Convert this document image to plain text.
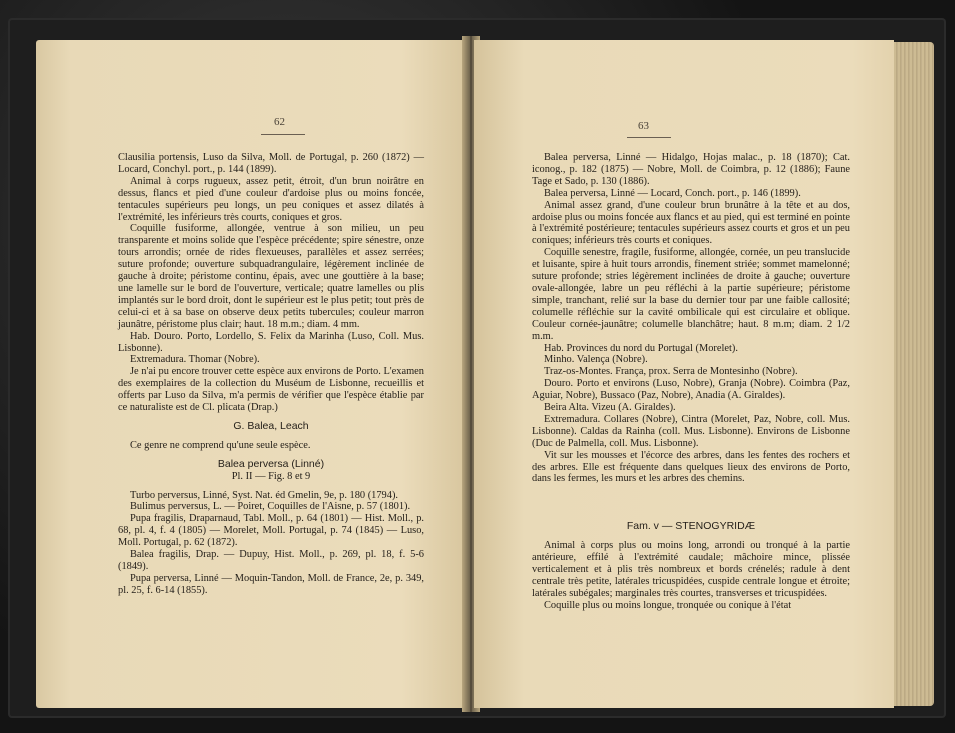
62

Clausilia portensis, Luso da Silva, Moll. de Portugal, p. 260 (1872) — Locard, Conchyl. port., p. 144 (1899).

Animal à corps rugueux, assez petit, étroit, d'un brun noirâtre en dessus, flancs et pied d'une couleur d'ardoise plus ou moins foncée, tentacules supérieurs peu longs, un peu coniques et assez dilatés à l'extrémité, les inférieurs très courts, coniques et gros.

Coquille fusiforme, allongée, ventrue à son milieu, un peu transparente et moins solide que l'espèce précédente; spire sénestre, onze tours arrondis; ornée de rides flexueuses, parallèles et assez serrées; suture profonde; ouverture subquadrangulaire, légèrement inclinée de gauche à droite; péristome continu, épais, avec une gouttière à la base; une lamelle sur le bord de l'ouverture, verticale; quatre lamelles ou plis implantés sur le bord droit, dont le supérieur est le plus petit; tout près de celui-ci et à sa base on observe deux petits tubercules; couleur marron jaunâtre, péristome plus clair; haut. 18 m.m.; diam. 4 mm.

Hab. Douro. Porto, Lordello, S. Felix da Marinha (Luso, Coll. Mus. Lisbonne).

Extremadura. Thomar (Nobre).

Je n'ai pu encore trouver cette espèce aux environs de Porto. L'examen des exemplaires de la collection du Muséum de Lisbonne, recueillis et offerts par Luso da Silva, m'a permis de vérifier que l'espèce établie par ce naturaliste est de Cl. plicata (Drap.)

G. Balea, Leach

Ce genre ne comprend qu'une seule espèce.

Balea perversa (Linné)

Pl. II — Fig. 8 et 9

Turbo perversus, Linné, Syst. Nat. éd Gmelin, 9e, p. 180 (1794).

Bulimus perversus, L. — Poiret, Coquilles de l'Aisne, p. 57 (1801).

Pupa fragilis, Draparnaud, Tabl. Moll., p. 64 (1801) — Hist. Moll., p. 68, pl. 4, f. 4 (1805) — Morelet, Moll. Portugal, p. 74 (1845) — Luso, Moll. Portugal, p. 62 (1872).

Balea fragilis, Drap. — Dupuy, Hist. Moll., p. 269, pl. 18, f. 5-6 (1849).

Pupa perversa, Linné — Moquin-Tandon, Moll. de France, 2e, p. 349, pl. 25, f. 6-14 (1855).

63

Balea perversa, Linné — Hidalgo, Hojas malac., p. 18 (1870); Cat. iconog., p. 182 (1875) — Nobre, Moll. de Coimbra, p. 12 (1886); Faune Tage et Sado, p. 130 (1886).

Balea perversa, Linné — Locard, Conch. port., p. 146 (1899).

Animal assez grand, d'une couleur brun brunâtre à la tête et au dos, ardoise plus ou moins foncée aux flancs et au pied, qui est terminé en pointe à l'extrémité postérieure; tentacules supérieurs assez courts et gros et un peu coniques; inférieurs très courts et coniques.

Coquille senestre, fragile, fusiforme, allongée, cornée, un peu translucide et luisante, spire à huit tours arrondis, finement striée; sommet mamelonné; suture profonde; stries légèrement inclinées de droite à gauche; ouverture ovale-allongée, labre un peu réfléchi à la partie supérieure; péristome simple, tranchant, relié sur la base du dernier tour par une faible callosité; columelle réfléchie sur la cavité ombilicale qui est circulaire et oblique. Couleur cornée-jaunâtre; columelle blanchâtre; haut. 8 m.m; diam. 2 1/2 m.m.

Hab. Provinces du nord du Portugal (Morelet).

Minho. Valença (Nobre).

Traz-os-Montes. França, prox. Serra de Montesinho (Nobre).

Douro. Porto et environs (Luso, Nobre), Granja (Nobre). Coimbra (Paz, Aguiar, Nobre), Bussaco (Paz, Nobre), Anadia (A. Giraldes).

Beira Alta. Vizeu (A. Giraldes).

Extremadura. Collares (Nobre), Cintra (Morelet, Paz, Nobre, coll. Mus. Lisbonne). Caldas da Rainha (coll. Mus. Lisbonne). Environs de Lisbonne (Duc de Palmella, coll. Mus. Lisbonne).

Vit sur les mousses et l'écorce des arbres, dans les fentes des rochers et des arbres. Elle est fréquente dans quelques lieux des environs de Porto, dans les fermes, les murs et les arbres des chemins.

Fam. v — STENOGYRIDÆ

Animal à corps plus ou moins long, arrondi ou tronqué à la partie antérieure, effilé à l'extrémité caudale; mâchoire mince, plissée verticalement et à plis très nombreux et bords crénelés; radule à dent centrale très petite, latérales tricuspidées, cuspide centrale longue et étroite; latérales subégales; marginales très courtes, transverses et tricuspidées.

Coquille plus ou moins longue, tronquée ou conique à l'état
